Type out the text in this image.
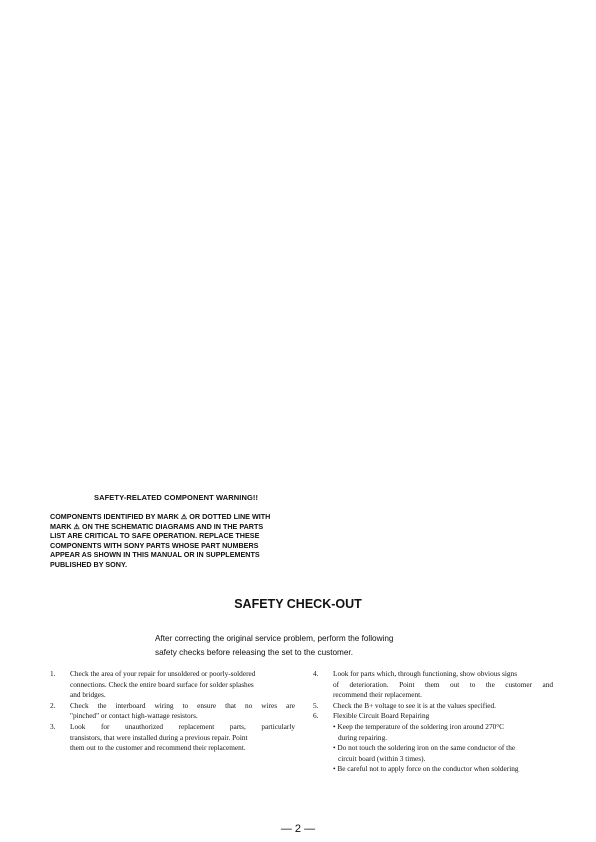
SAFETY-RELATED COMPONENT WARNING!!
COMPONENTS IDENTIFIED BY MARK ⚠ OR DOTTED LINE WITH
MARK ⚠ ON THE SCHEMATIC DIAGRAMS AND IN THE PARTS
LIST ARE CRITICAL TO SAFE OPERATION. REPLACE THESE
COMPONENTS WITH SONY PARTS WHOSE PART NUMBERS
APPEAR AS SHOWN IN THIS MANUAL OR IN SUPPLEMENTS
PUBLISHED BY SONY.
SAFETY CHECK-OUT
After correcting the original service problem, perform the following
safety checks before releasing the set to the customer.
1. Check the area of your repair for unsoldered or poorly-soldered
connections. Check the entire board surface for solder splashes
and bridges.
2. Check the interboard wiring to ensure that no wires are
"pinched" or contact high-wattage resistors.
3. Look for unauthorized replacement parts, particularly
transistors, that were installed during a previous repair. Point
them out to the customer and recommend their replacement.
4. Look for parts which, through functioning, show obvious signs
of deterioration. Point them out to the customer and
recommend their replacement.
5. Check the B+ voltage to see it is at the values specified.
6. Flexible Circuit Board Repairing
• Keep the temperature of the soldering iron around 270°C
during repairing.
• Do not touch the soldering iron on the same conductor of the
circuit board (within 3 times).
• Be careful not to apply force on the conductor when soldering
— 2 —
